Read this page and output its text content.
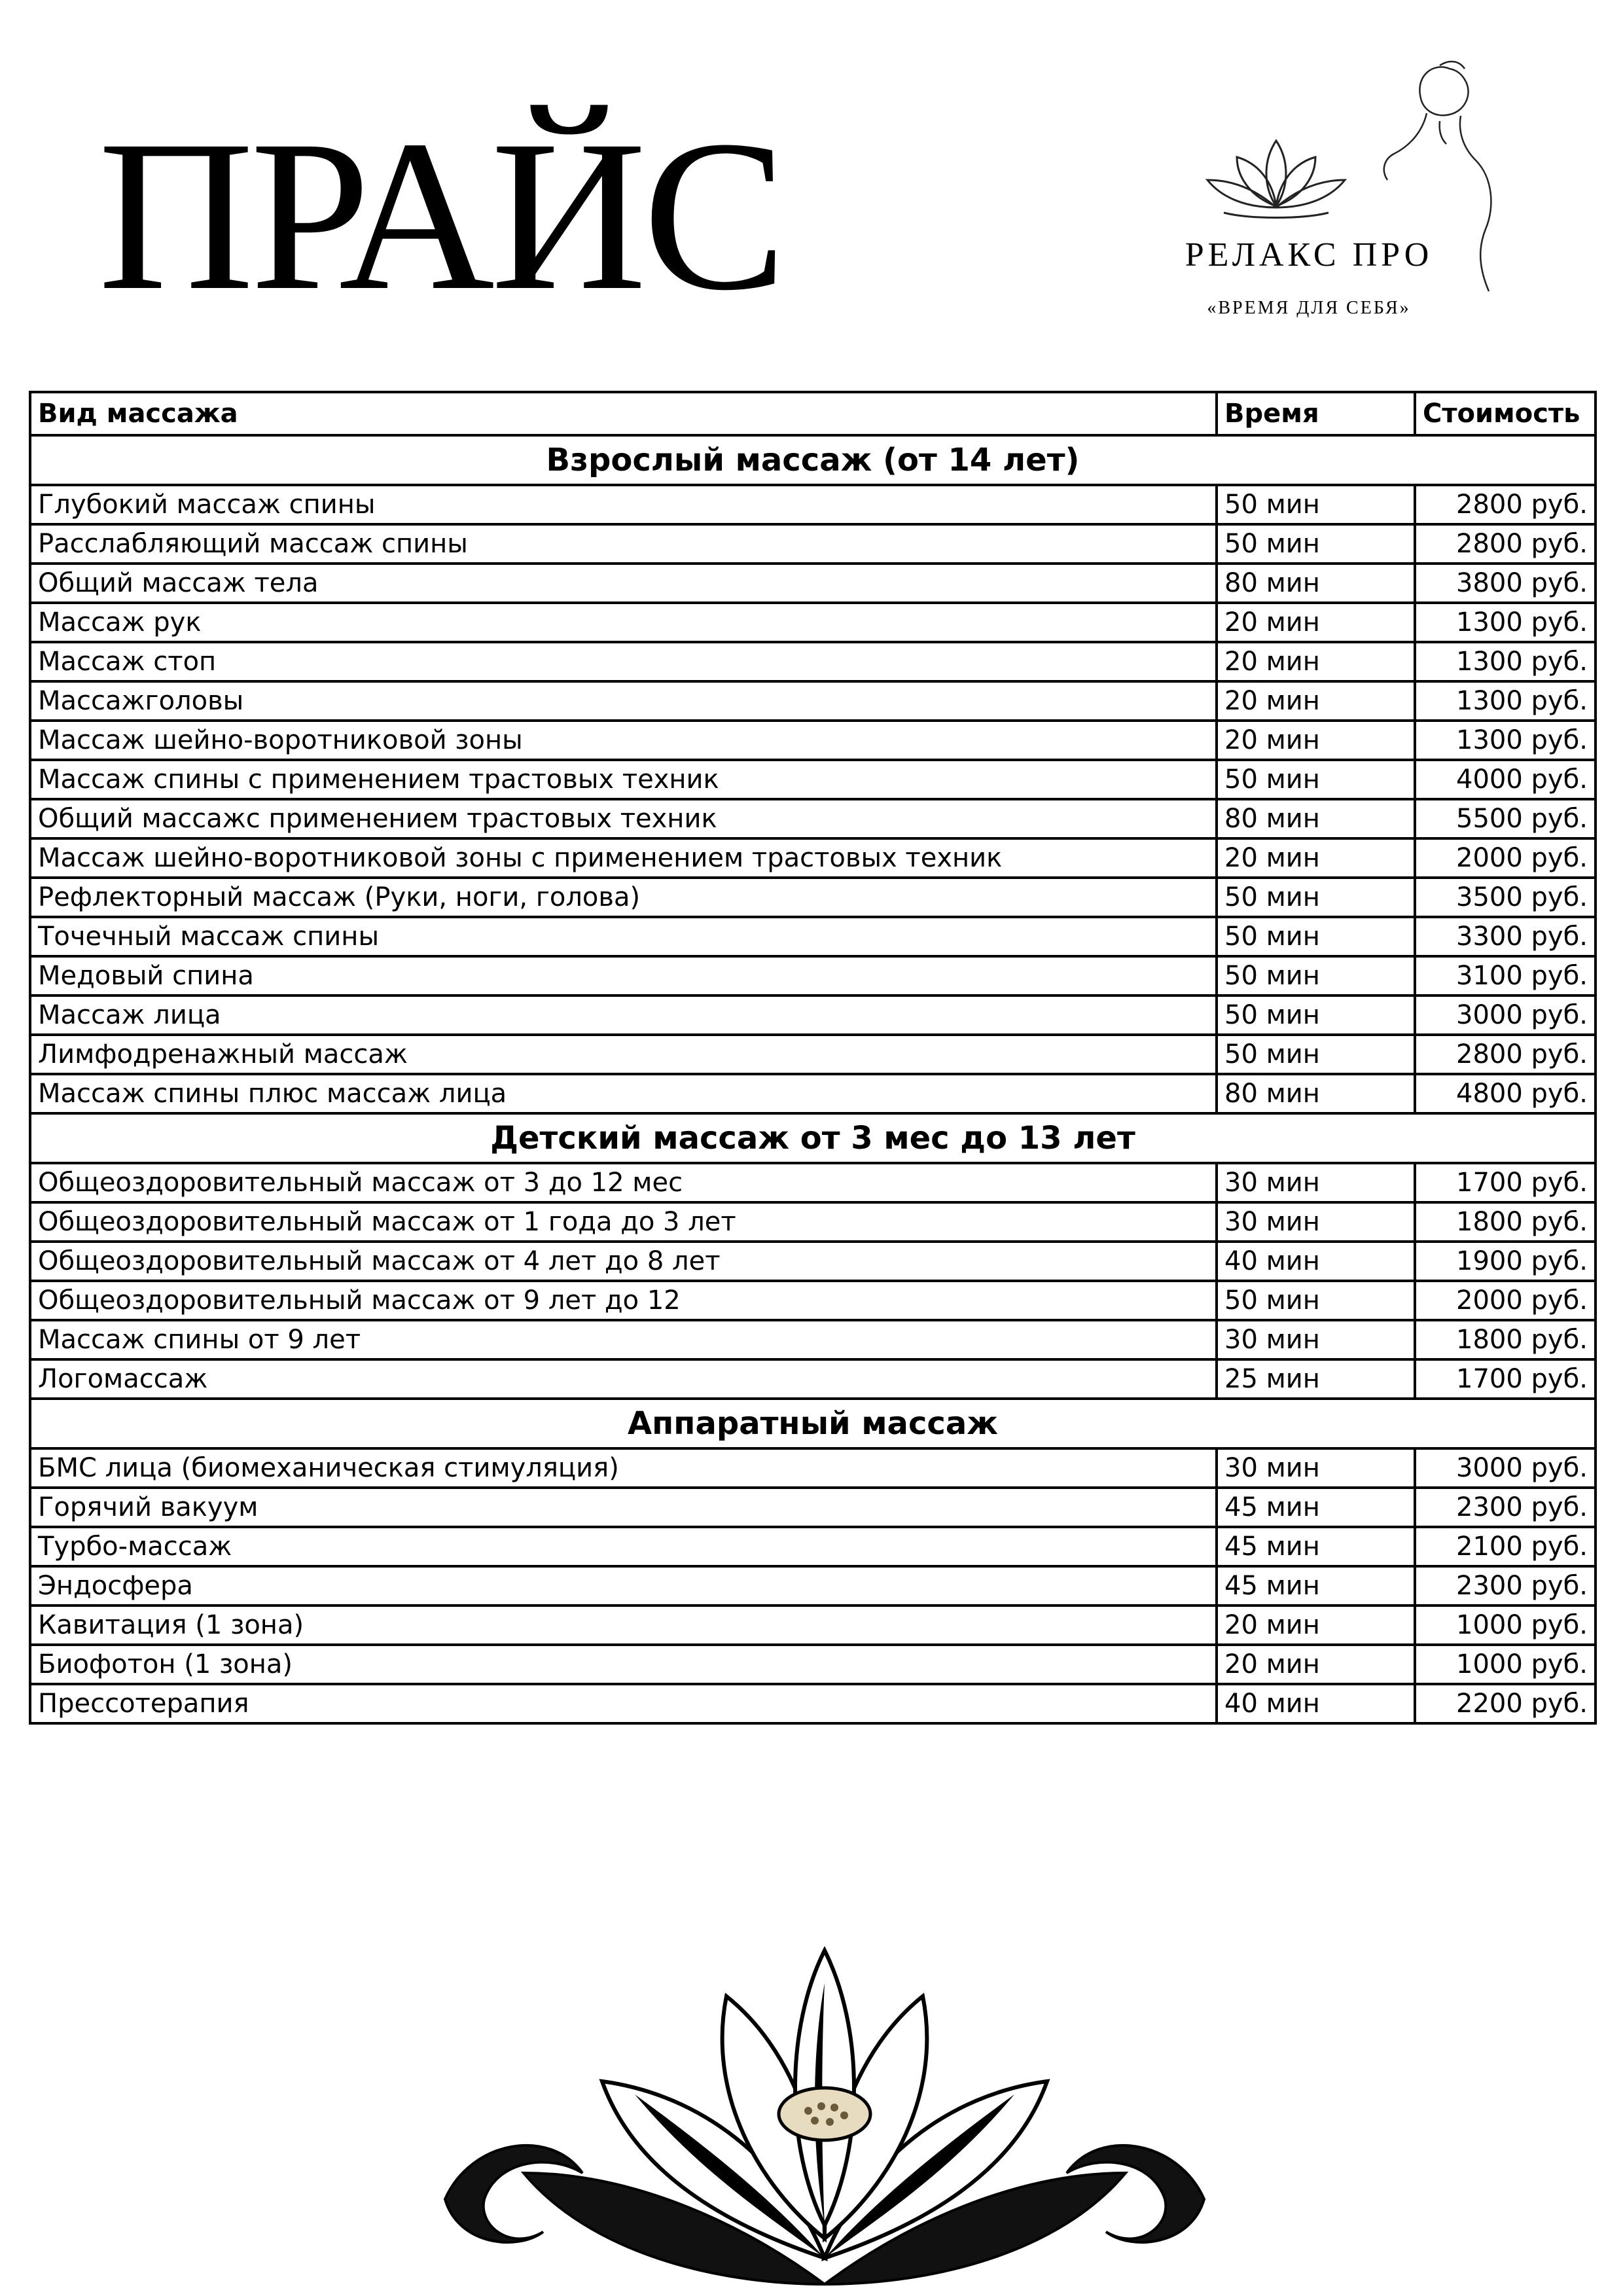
ПРАЙС	РЕЛАКС ПРО
«ВРЕМЯ ДЛЯ СЕБЯ»
Вид массажа	Время	Стоимость
Взрослый массаж (от 14 лет)		
Глубокий массаж спины	50 мин	2800 руб.
Расслабляющий массаж спины	50 мин	2800 руб.
Общий массаж тела	80 мин	3800 руб.
Массаж рук	20 мин	1300 руб.
Массаж стоп	20 мин	1300 руб.
Массажголовы	20 мин	1300 руб.
Массаж шейно-воротниковой зоны	20 мин	1300 руб.
Массаж спины с применением трастовых техник	50 мин	4000 руб.
Общий массажс применением трастовых техник	80 мин	5500 руб.
Массаж шейно-воротниковой зоны с применением трастовых техник	20 мин	2000 руб.
Рефлекторный массаж (Руки, ноги, голова)	50 мин	3500 руб.
Точечный массаж спины	50 мин	3300 руб.
Медовый спина	50 мин	3100 руб.
Массаж лица	50 мин	3000 руб.
Лимфодренажный массаж	50 мин	2800 руб.
Массаж спины плюс массаж лица	80 мин	4800 руб.
Детский массаж от 3 мес до 13 лет		
Общеоздоровительный массаж от 3 до 12 мес	30 мин	1700 руб.
Общеоздоровительный массаж от 1 года до 3 лет	30 мин	1800 руб.
Общеоздоровительный массаж от 4 лет до 8 лет	40 мин	1900 руб.
Общеоздоровительный массаж от 9 лет до 12	50 мин	2000 руб.
Массаж спины от 9 лет	30 мин	1800 руб.
Логомассаж	25 мин	1700 руб.
Аппаратный массаж		
БМС лица (биомеханическая стимуляция)	30 мин	3000 руб.
Горячий вакуум	45 мин	2300 руб.
Турбо-массаж	45 мин	2100 руб.
Эндосфера	45 мин	2300 руб.
Кавитация (1 зона)	20 мин	1000 руб.
Биофотон (1 зона)	20 мин	1000 руб.
Прессотерапия	40 мин	2200 руб.
